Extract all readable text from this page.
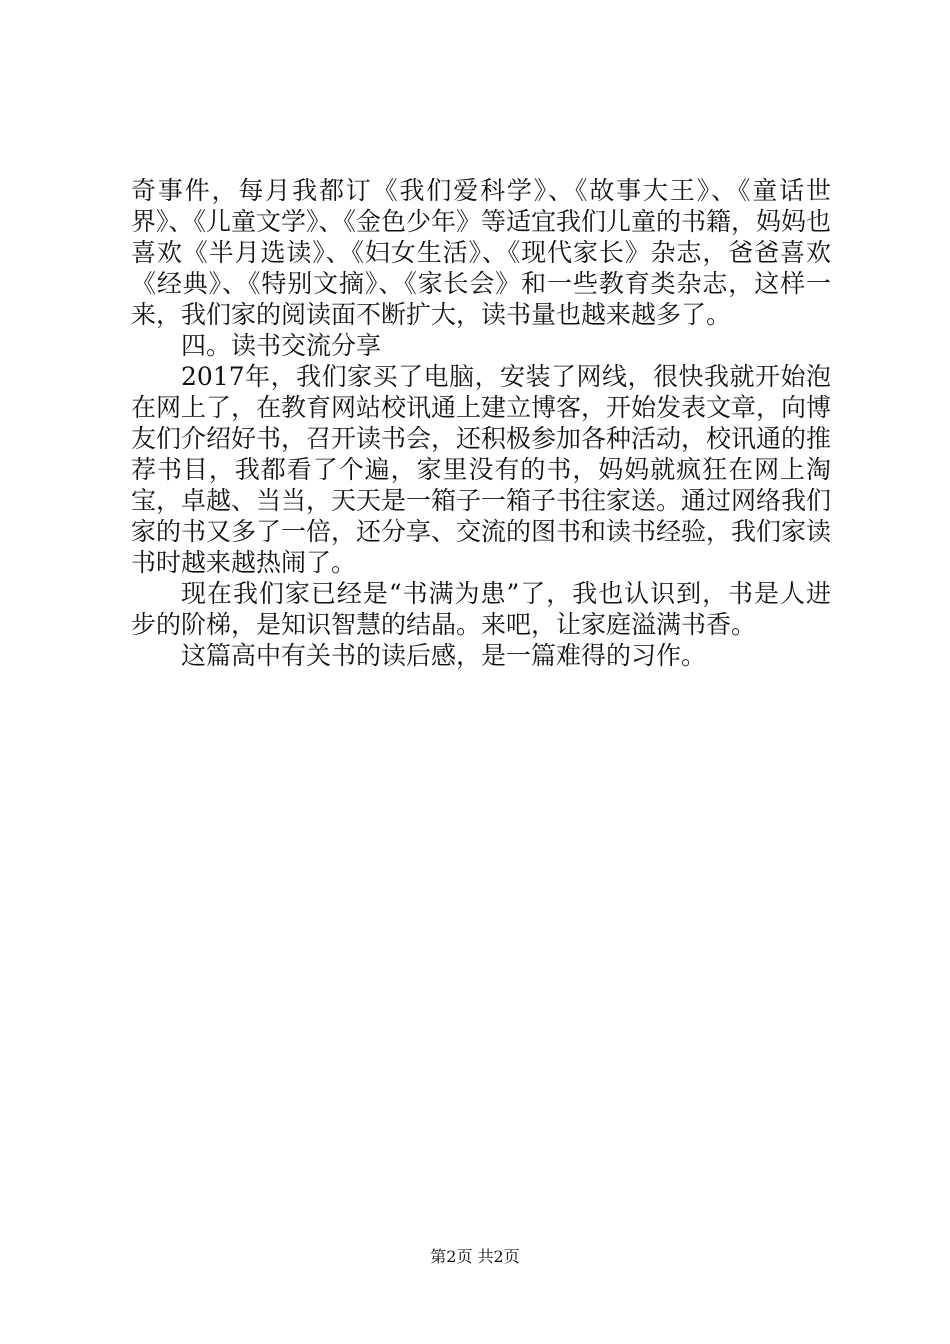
奇事件，每月我都订《我们爱科学》、《故事大王》、《童话世界》、《儿童文学》、《金色少年》等适宜我们儿童的书籍，妈妈也喜欢《半月选读》、《妇女生活》、《现代家长》杂志，爸爸喜欢《经典》、《特别文摘》、《家长会》和一些教育类杂志，这样一来，我们家的阅读面不断扩大，读书量也越来越多了。

四。读书交流分享

2017年，我们家买了电脑，安装了网线，很快我就开始泡在网上了，在教育网站校讯通上建立博客，开始发表文章，向博友们介绍好书，召开读书会，还积极参加各种活动，校讯通的推荐书目，我都看了个遍，家里没有的书，妈妈就疯狂在网上淘宝，卓越、当当，天天是一箱子一箱子书往家送。通过网络我们家的书又多了一倍，还分享、交流的图书和读书经验，我们家读书时越来越热闹了。

现在我们家已经是“书满为患”了，我也认识到，书是人进步的阶梯，是知识智慧的结晶。来吧，让家庭溢满书香。

这篇高中有关书的读后感，是一篇难得的习作。

第2页 共2页
